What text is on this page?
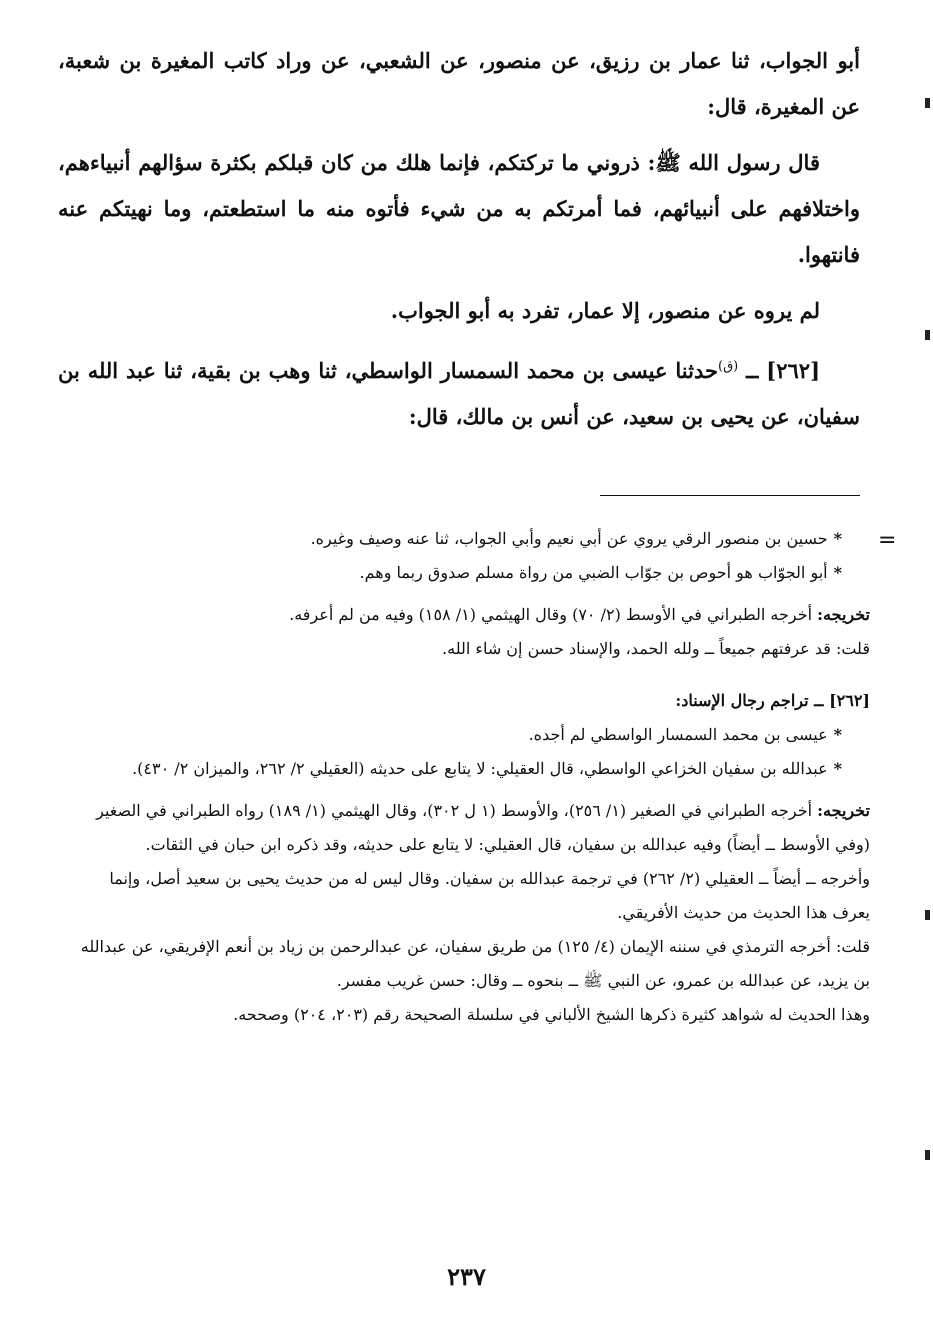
أبو الجواب، ثنا عمار بن رزيق، عن منصور، عن الشعبي، عن وراد كاتب المغيرة بن شعبة، عن المغيرة، قال:

قال رسول الله ﷺ: ذروني ما تركتكم، فإنما هلك من كان قبلكم بكثرة سؤالهم أنبياءهم، واختلافهم على أنبيائهم، فما أمرتكم به من شيء فأتوه منه ما استطعتم، وما نهيتكم عنه فانتهوا.

لم يروه عن منصور، إلا عمار، تفرد به أبو الجواب.

[٢٦٢] ــ $^{(ق)}$حدثنا عيسى بن محمد السمسار الواسطي، ثنا وهب بن بقية، ثنا عبد الله بن سفيان، عن يحيى بن سعيد، عن أنس بن مالك، قال:

*حسين بن منصور الرقي يروي عن أبي نعيم وأبي الجواب، ثنا عنه وصيف وغيره.

*أبو الجوّاب هو أحوص بن جوّاب الضبي من رواة مسلم صدوق ربما وهم.

تخريجه: أخرجه الطبراني في الأوسط (٢/ ٧٠) وقال الهيثمي (١/ ١٥٨) وفيه من لم أعرفه.

قلت: قد عرفتهم جميعاً ــ ولله الحمد، والإسناد حسن إن شاء الله.

[٢٦٢] ــ تراجم رجال الإسناد:

*عيسى بن محمد السمسار الواسطي لم أجده.

*عبدالله بن سفيان الخزاعي الواسطي، قال العقيلي: لا يتابع على حديثه (العقيلي ٢/ ٢٦٢، والميزان ٢/ ٤٣٠).

تخريجه: أخرجه الطبراني في الصغير (١/ ٢٥٦)، والأوسط (١ ل ٣٠٢)، وقال الهيثمي (١/ ١٨٩) رواه الطبراني في الصغير (وفي الأوسط ــ أيضاً) وفيه عبدالله بن سفيان، قال العقيلي: لا يتابع على حديثه، وقد ذكره ابن حبان في الثقات.

وأخرجه ــ أيضاً ــ العقيلي (٢/ ٢٦٢) في ترجمة عبدالله بن سفيان. وقال ليس له من حديث يحيى بن سعيد أصل، وإنما يعرف هذا الحديث من حديث الأفريقي.

قلت: أخرجه الترمذي في سننه الإيمان (٤/ ١٢٥) من طريق سفيان، عن عبدالرحمن بن زياد بن أنعم الإفريقي، عن عبدالله بن يزيد، عن عبدالله بن عمرو، عن النبي ﷺ ــ بنحوه ــ وقال: حسن غريب مفسر.

وهذا الحديث له شواهد كثيرة ذكرها الشيخ الألباني في سلسلة الصحيحة رقم (٢٠٣، ٢٠٤) وصححه.

=
٢٣٧
